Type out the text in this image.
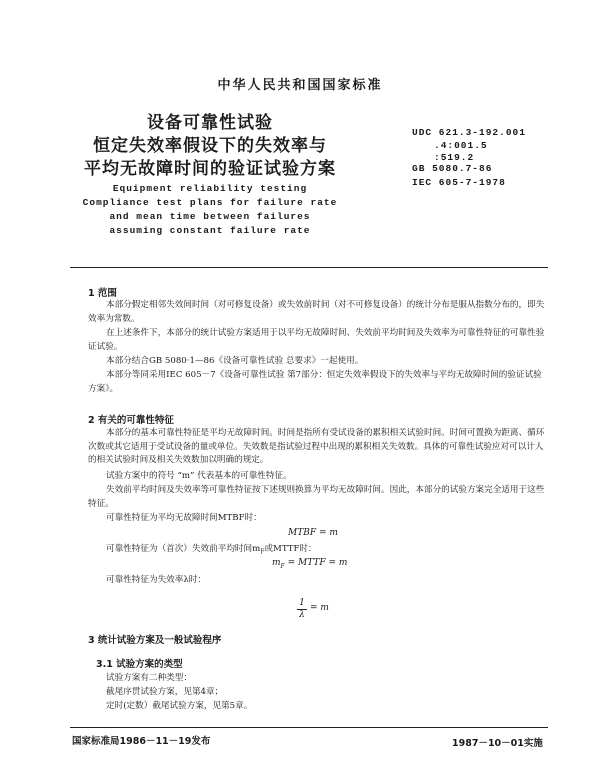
中华人民共和国国家标准
设备可靠性试验
恒定失效率假设下的失效率与
平均无故障时间的验证试验方案
Equipment reliability testing
Compliance test plans for failure rate
and mean time between failures
assuming constant failure rate
UDC 621.3-192.001
.4:001.5
:519.2
GB 5080.7-86
IEC 605-7-1978
1 范围
本部分假定相邻失效间时间（对可修复设备）或失效前时间（对不可修复设备）的统计分布是服从指数分布的，即失效率为常数。
在上述条件下，本部分的统计试验方案适用于以平均无故障时间、失效前平均时间及失效率为可靠性特征的可靠性验证试验。
本部分结合GB 5080·1—86《设备可靠性试验 总要求》一起使用。
本部分等同采用IEC 605－7《设备可靠性试验 第7部分：恒定失效率假设下的失效率与平均无故障时间的验证试验方案》。
2 有关的可靠性特征
本部分的基本可靠性特征是平均无故障时间。时间是指所有受试设备的累积相关试验时间。时间可置换为距离、循环次数或其它适用于受试设备的量或单位。失效数是指试验过程中出现的累积相关失效数。具体的可靠性试验应对可以计人的相关试验时间及相关失效数加以明确的规定。
试验方案中的符号 “m” 代表基本的可靠性特征。
失效前平均时间及失效率等可靠性特征按下述规则换算为平均无故障时间。因此，本部分的试验方案完全适用于这些特征。
可靠性特征为平均无故障时间MTBF时：
MTBF = m
可靠性特征为（首次）失效前平均时间$m_F$或MTTF时：
$m_F$ = MTTF = m
可靠性特征为失效率λ时：
$\frac{1}{\lambda} = m$
3 统计试验方案及一般试验程序
3.1 试验方案的类型
试验方案有二种类型：
截尾序贯试验方案，见第4章；
定时(定数）截尾试验方案，见第5章。
国家标准局1986－11－19发布	1987－10－01实施
